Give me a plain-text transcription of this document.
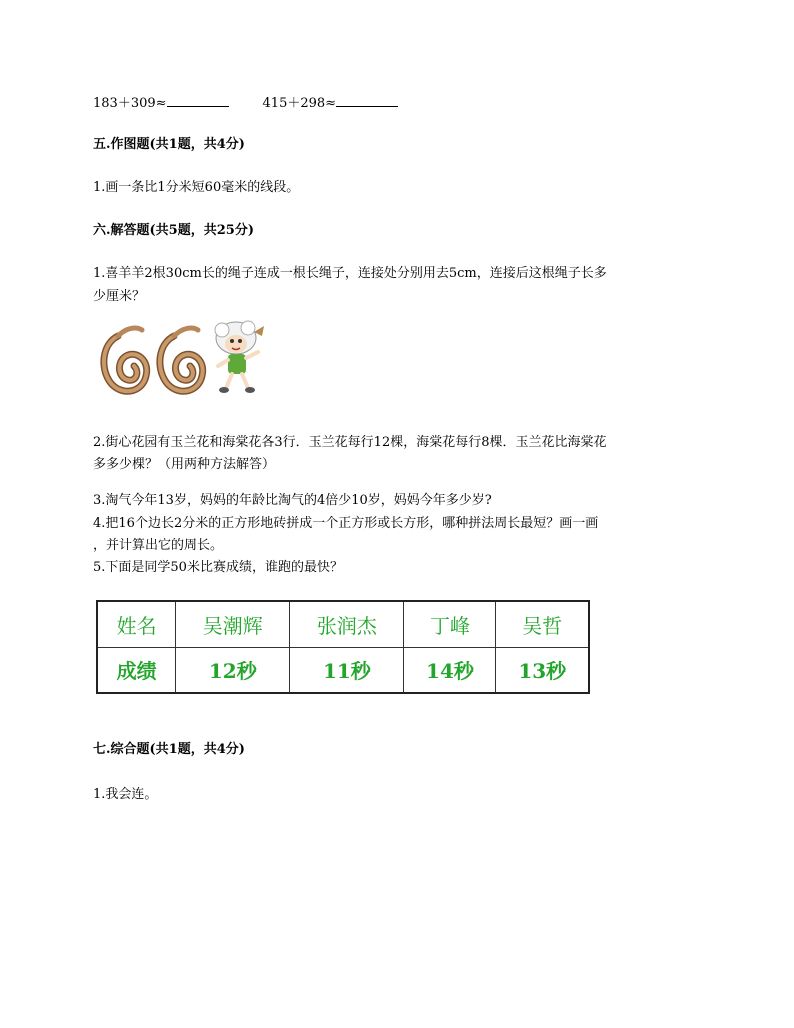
183＋309≈	415＋298≈
五.作图题(共1题，共4分)
1.画一条比1分米短60毫米的线段。
六.解答题(共5题，共25分)
1.喜羊羊2根30cm长的绳子连成一根长绳子，连接处分别用去5cm，连接后这根绳子长多
少厘米？
2.街心花园有玉兰花和海棠花各3行．玉兰花每行12棵，海棠花每行8棵．玉兰花比海棠花
多多少棵？（用两种方法解答）
3.淘气今年13岁，妈妈的年龄比淘气的4倍少10岁，妈妈今年多少岁?
4.把16个边长2分米的正方形地砖拼成一个正方形或长方形，哪种拼法周长最短？画一画
，并计算出它的周长。
5.下面是同学50米比赛成绩，谁跑的最快？
姓名	吴潮辉	张润杰	丁峰	吴哲
成绩	12秒	11秒	14秒	13秒
七.综合题(共1题，共4分)
1.我会连。
